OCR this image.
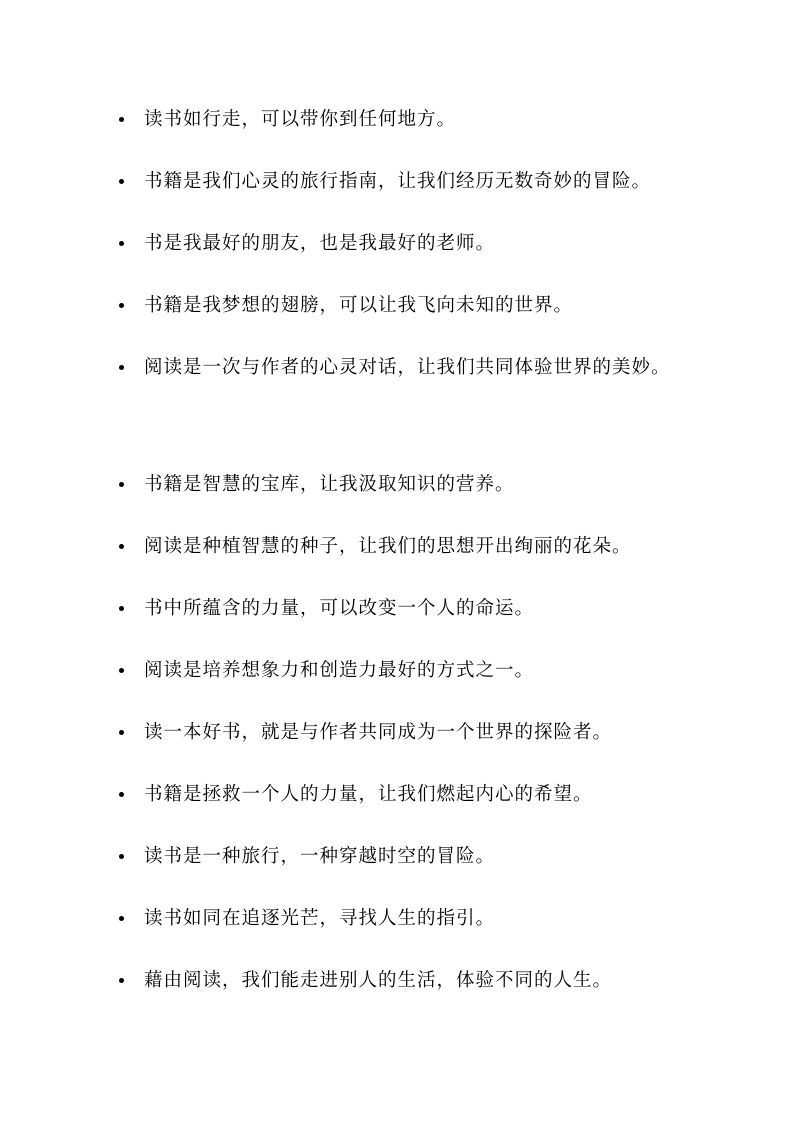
读书如行走，可以带你到任何地方。
书籍是我们心灵的旅行指南，让我们经历无数奇妙的冒险。
书是我最好的朋友，也是我最好的老师。
书籍是我梦想的翅膀，可以让我飞向未知的世界。
阅读是一次与作者的心灵对话，让我们共同体验世界的美妙。
书籍是智慧的宝库，让我汲取知识的营养。
阅读是种植智慧的种子，让我们的思想开出绚丽的花朵。
书中所蕴含的力量，可以改变一个人的命运。
阅读是培养想象力和创造力最好的方式之一。
读一本好书，就是与作者共同成为一个世界的探险者。
书籍是拯救一个人的力量，让我们燃起内心的希望。
读书是一种旅行，一种穿越时空的冒险。
读书如同在追逐光芒，寻找人生的指引。
藉由阅读，我们能走进别人的生活，体验不同的人生。
